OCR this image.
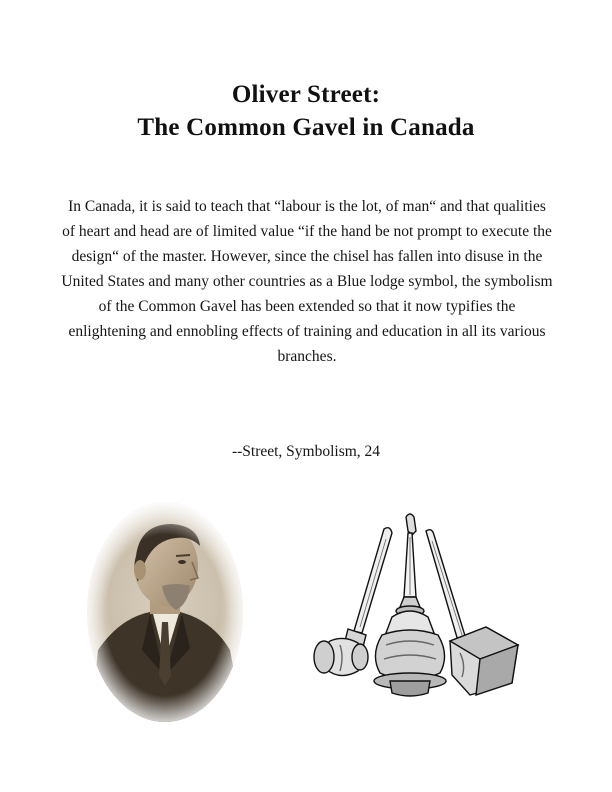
Oliver Street:
The Common Gavel in Canada
In Canada, it is said to teach that “labour is the lot, of man“ and that qualities of heart and head are of limited value “if the hand be not prompt to execute the design“ of the master. However, since the chisel has fallen into disuse in the United States and many other countries as a Blue lodge symbol, the symbolism of the Common Gavel has been extended so that it now typifies the enlightening and ennobling effects of training and education in all its various branches.
--Street, Symbolism, 24
